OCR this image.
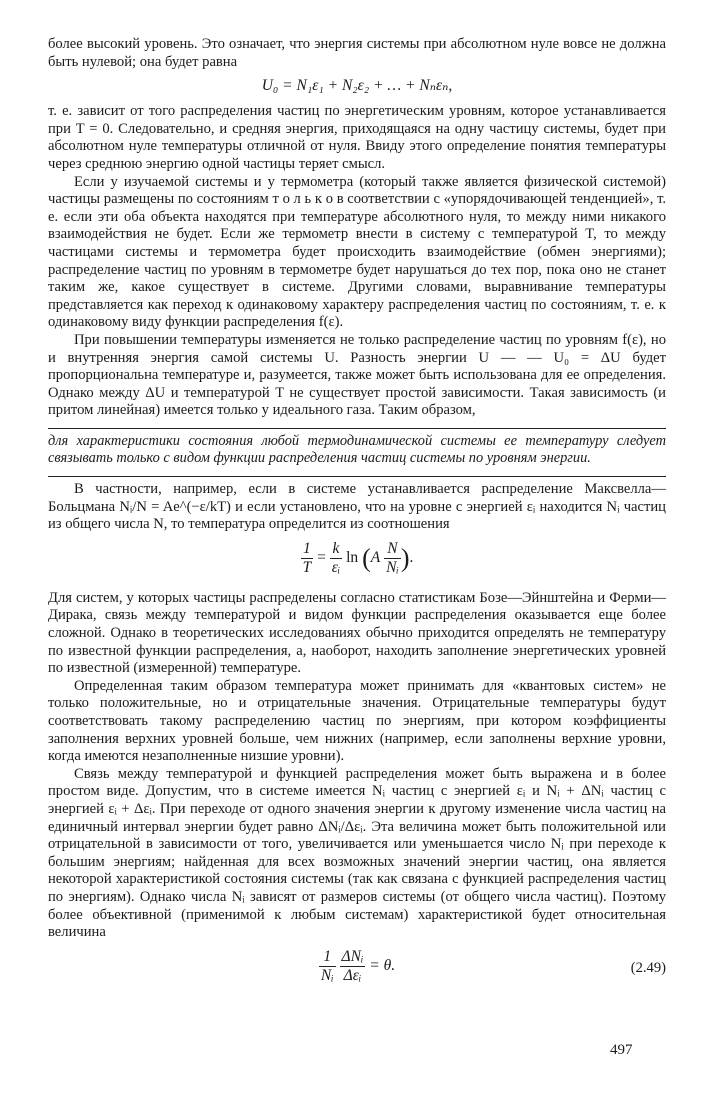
более высокий уровень. Это означает, что энергия системы при абсолютном нуле вовсе не должна быть нулевой; она будет равна

U₀ = N₁ε₁ + N₂ε₂ + … + Nₙεₙ,

т. е. зависит от того распределения частиц по энергетическим уровням, которое устанавливается при T = 0. Следовательно, и средняя энергия, приходящаяся на одну частицу системы, будет при абсолютном нуле температуры отличной от нуля. Ввиду этого определение понятия температуры через среднюю энергию одной частицы теряет смысл.

Если у изучаемой системы и у термометра (который также является физической системой) частицы размещены по состояниям т о л ь к о в соответствии с «упорядочивающей тенденцией», т. е. если эти оба объекта находятся при температуре абсолютного нуля, то между ними никакого взаимодействия не будет. Если же термометр внести в систему с температурой T, то между частицами системы и термометра будет происходить взаимодействие (обмен энергиями); распределение частиц по уровням в термометре будет нарушаться до тех пор, пока оно не станет таким же, какое существует в системе. Другими словами, выравнивание температуры представляется как переход к одинаковому характеру распределения частиц по состояниям, т. е. к одинаковому виду функции распределения f(ε).

При повышении температуры изменяется не только распределение частиц по уровням f(ε), но и внутренняя энергия самой системы U. Разность энергии U — — U₀ = ΔU будет пропорциональна температуре и, разумеется, также может быть использована для ее определения. Однако между ΔU и температурой T не существует простой зависимости. Такая зависимость (и притом линейная) имеется только у идеального газа. Таким образом,

для характеристики состояния любой термодинамической системы ее температуру следует связывать только с видом функции распределения частиц системы по уровням энергии.

В частности, например, если в системе устанавливается распределение Максвелла—Больцмана Nᵢ/N = Ae^(−ε/kT) и если установлено, что на уровне с энергией εᵢ находится Nᵢ частиц из общего числа N, то температура определится из соотношения

$\frac{1}{T} = \frac{k}{\text{εᵢ}}$ $\ln (A \frac{N}{\text{Nᵢ}}$ ).

Для систем, у которых частицы распределены согласно статистикам Бозе—Эйнштейна и Ферми—Дирака, связь между температурой и видом функции распределения оказывается еще более сложной. Однако в теоретических исследованиях обычно приходится определять не температуру по известной функции распределения, а, наоборот, находить заполнение энергетических уровней по известной (измеренной) температуре.

Определенная таким образом температура может принимать для «квантовых систем» не только положительные, но и отрицательные значения. Отрицательные температуры будут соответствовать такому распределению частиц по энергиям, при котором коэффициенты заполнения верхних уровней больше, чем нижних (например, если заполнены верхние уровни, когда имеются незаполненные низшие уровни).

Связь между температурой и функцией распределения может быть выражена и в более простом виде. Допустим, что в системе имеется Nᵢ частиц с энергией εᵢ и Nᵢ + ΔNᵢ частиц с энергией εᵢ + Δεᵢ. При переходе от одного значения энергии к другому изменение числа частиц на единичный интервал энергии будет равно ΔNᵢ/Δεᵢ. Эта величина может быть положительной или отрицательной в зависимости от того, увеличивается или уменьшается число Nᵢ при переходе к большим энергиям; найденная для всех возможных значений энергии частиц, она является некоторой характеристикой состояния системы (так как связана с функцией распределения частиц по энергиям). Однако числа Nᵢ зависят от размеров системы (от общего числа частиц). Поэтому более объективной (применимой к любым системам) характеристикой будет относительная величина

$\frac{1}{\text{Nᵢ}}$
$\frac{\text{ΔNᵢ}}{\text{Δεᵢ}} = \theta$.	(2.49)
497
